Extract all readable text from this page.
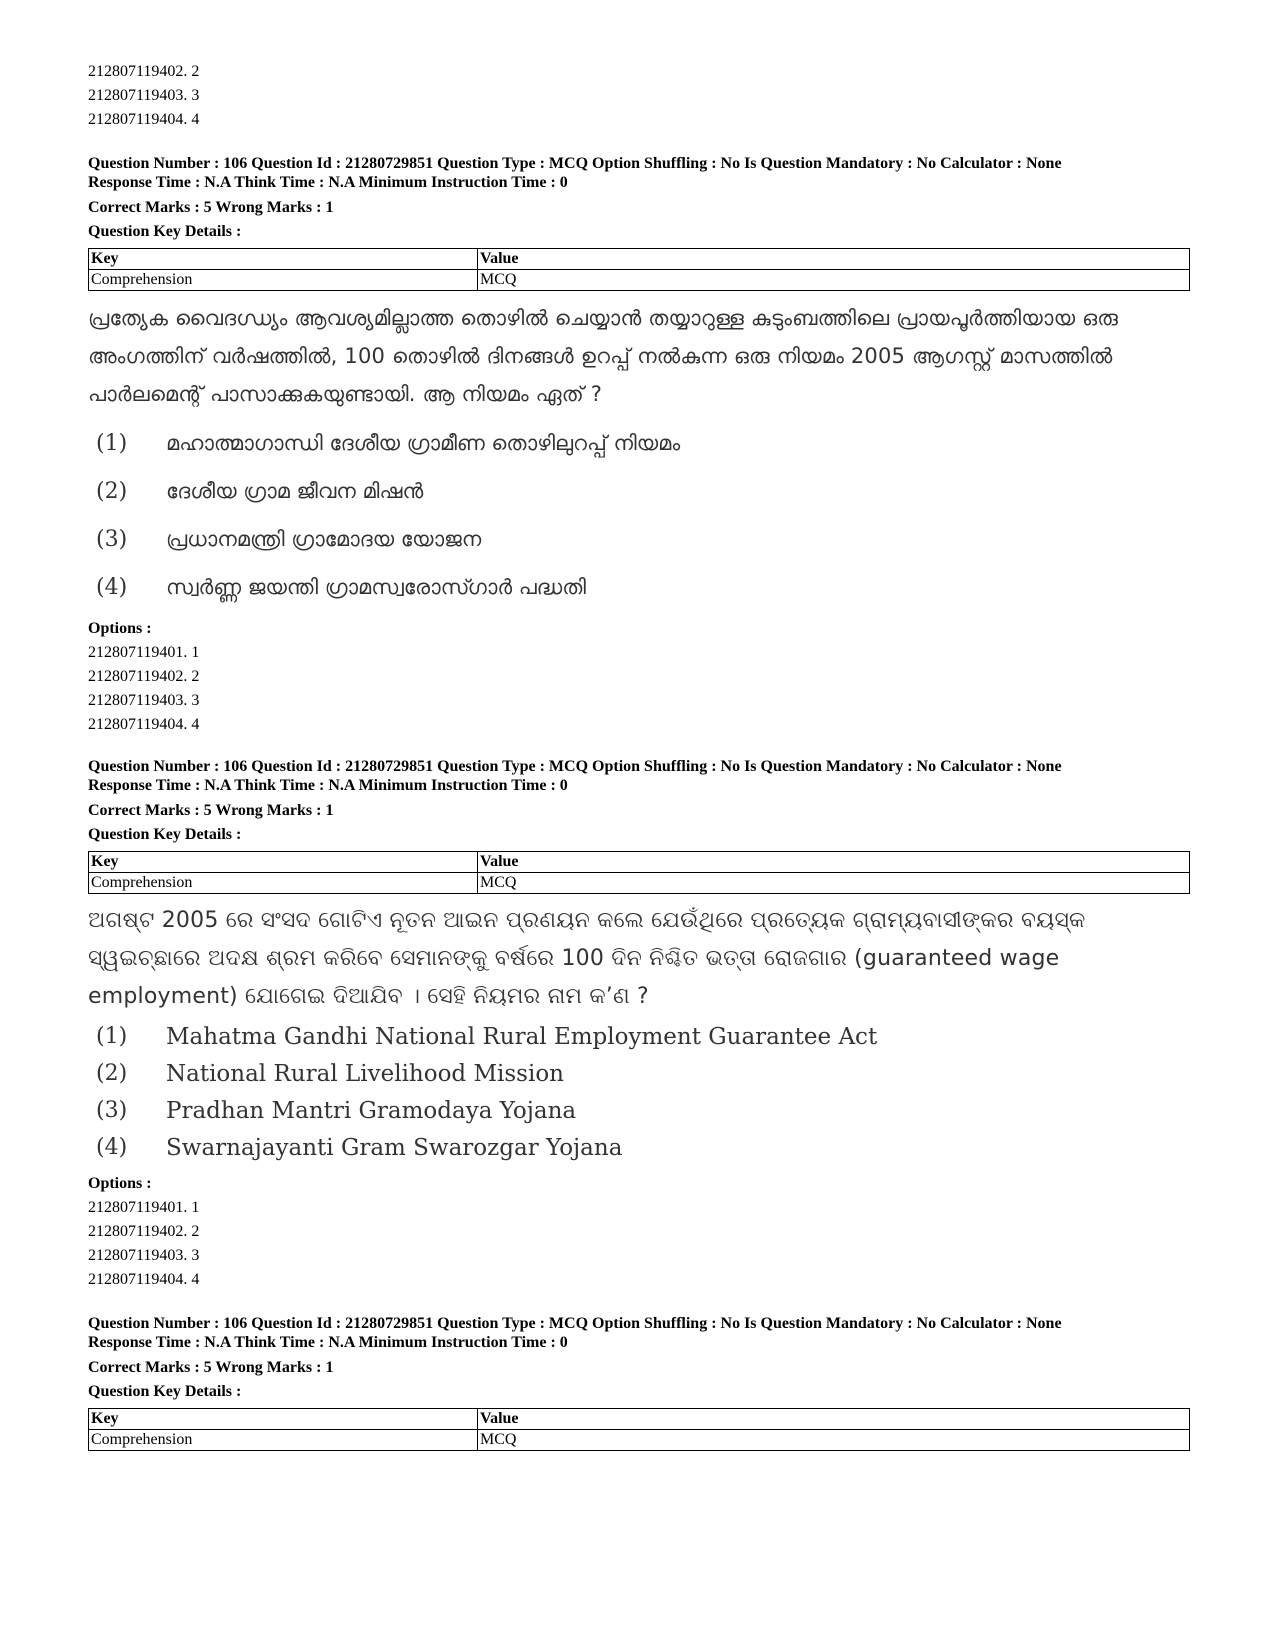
212807119402. 2
212807119403. 3
212807119404. 4
Question Number : 106 Question Id : 21280729851 Question Type : MCQ Option Shuffling : No Is Question Mandatory : No Calculator : None
Response Time : N.A Think Time : N.A Minimum Instruction Time : 0
Correct Marks : 5 Wrong Marks : 1
Question Key Details :
Key	Value
Comprehension	MCQ
പ്രത്യേക വൈദഗ്ധ്യം ആവശ്യമില്ലാത്ത തൊഴിൽ ചെയ്യാൻ തയ്യാറുള്ള കുടുംബത്തിലെ പ്രായപൂർത്തിയായ ഒരു അംഗത്തിന് വർഷത്തിൽ, 100 തൊഴിൽ ദിനങ്ങൾ ഉറപ്പ് നൽകുന്ന ഒരു നിയമം 2005 ആഗസ്റ്റ് മാസത്തിൽ പാർലമെന്റ് പാസാക്കുകയുണ്ടായി. ആ നിയമം ഏത് ?
(1)	മഹാത്മാഗാന്ധി ദേശീയ ഗ്രാമീണ തൊഴിലുറപ്പ് നിയമം
(2)	ദേശീയ ഗ്രാമ ജീവന മിഷൻ
(3)	പ്രധാനമന്ത്രി ഗ്രാമോദയ യോജന
(4)	സ്വർണ്ണ ജയന്തി ഗ്രാമസ്വരോസ്ഗാർ പദ്ധതി
Options :
212807119401. 1
212807119402. 2
212807119403. 3
212807119404. 4
Question Number : 106 Question Id : 21280729851 Question Type : MCQ Option Shuffling : No Is Question Mandatory : No Calculator : None
Response Time : N.A Think Time : N.A Minimum Instruction Time : 0
Correct Marks : 5 Wrong Marks : 1
Question Key Details :
Key	Value
Comprehension	MCQ
ଅଗଷ୍ଟ 2005 ରେ ସଂସଦ ଗୋଟିଏ ନୂତନ ଆଇନ ପ୍ରଣୟନ କଲେ ଯେଉଁଥିରେ ପ୍ରତ୍ୟେକ ଗ୍ରାମ୍ୟବାସୀଙ୍କର ବୟସ୍କ ସ୍ୱଇଚ୍ଛାରେ ଅଦକ୍ଷ ଶ୍ରମ କରିବେ ସେମାନଙ୍କୁ ବର୍ଷରେ 100 ଦିନ ନିଶ୍ଚିତ ଭତ୍ତା ରୋଜଗାର (guaranteed wage employment) ଯୋଗେଇ ଦିଆଯିବ । ସେହି ନିୟମର ନାମ କ’ଣ ?
(1)	Mahatma Gandhi National Rural Employment Guarantee Act
(2)	National Rural Livelihood Mission
(3)	Pradhan Mantri Gramodaya Yojana
(4)	Swarnajayanti Gram Swarozgar Yojana
Options :
212807119401. 1
212807119402. 2
212807119403. 3
212807119404. 4
Question Number : 106 Question Id : 21280729851 Question Type : MCQ Option Shuffling : No Is Question Mandatory : No Calculator : None
Response Time : N.A Think Time : N.A Minimum Instruction Time : 0
Correct Marks : 5 Wrong Marks : 1
Question Key Details :
Key	Value
Comprehension	MCQ
